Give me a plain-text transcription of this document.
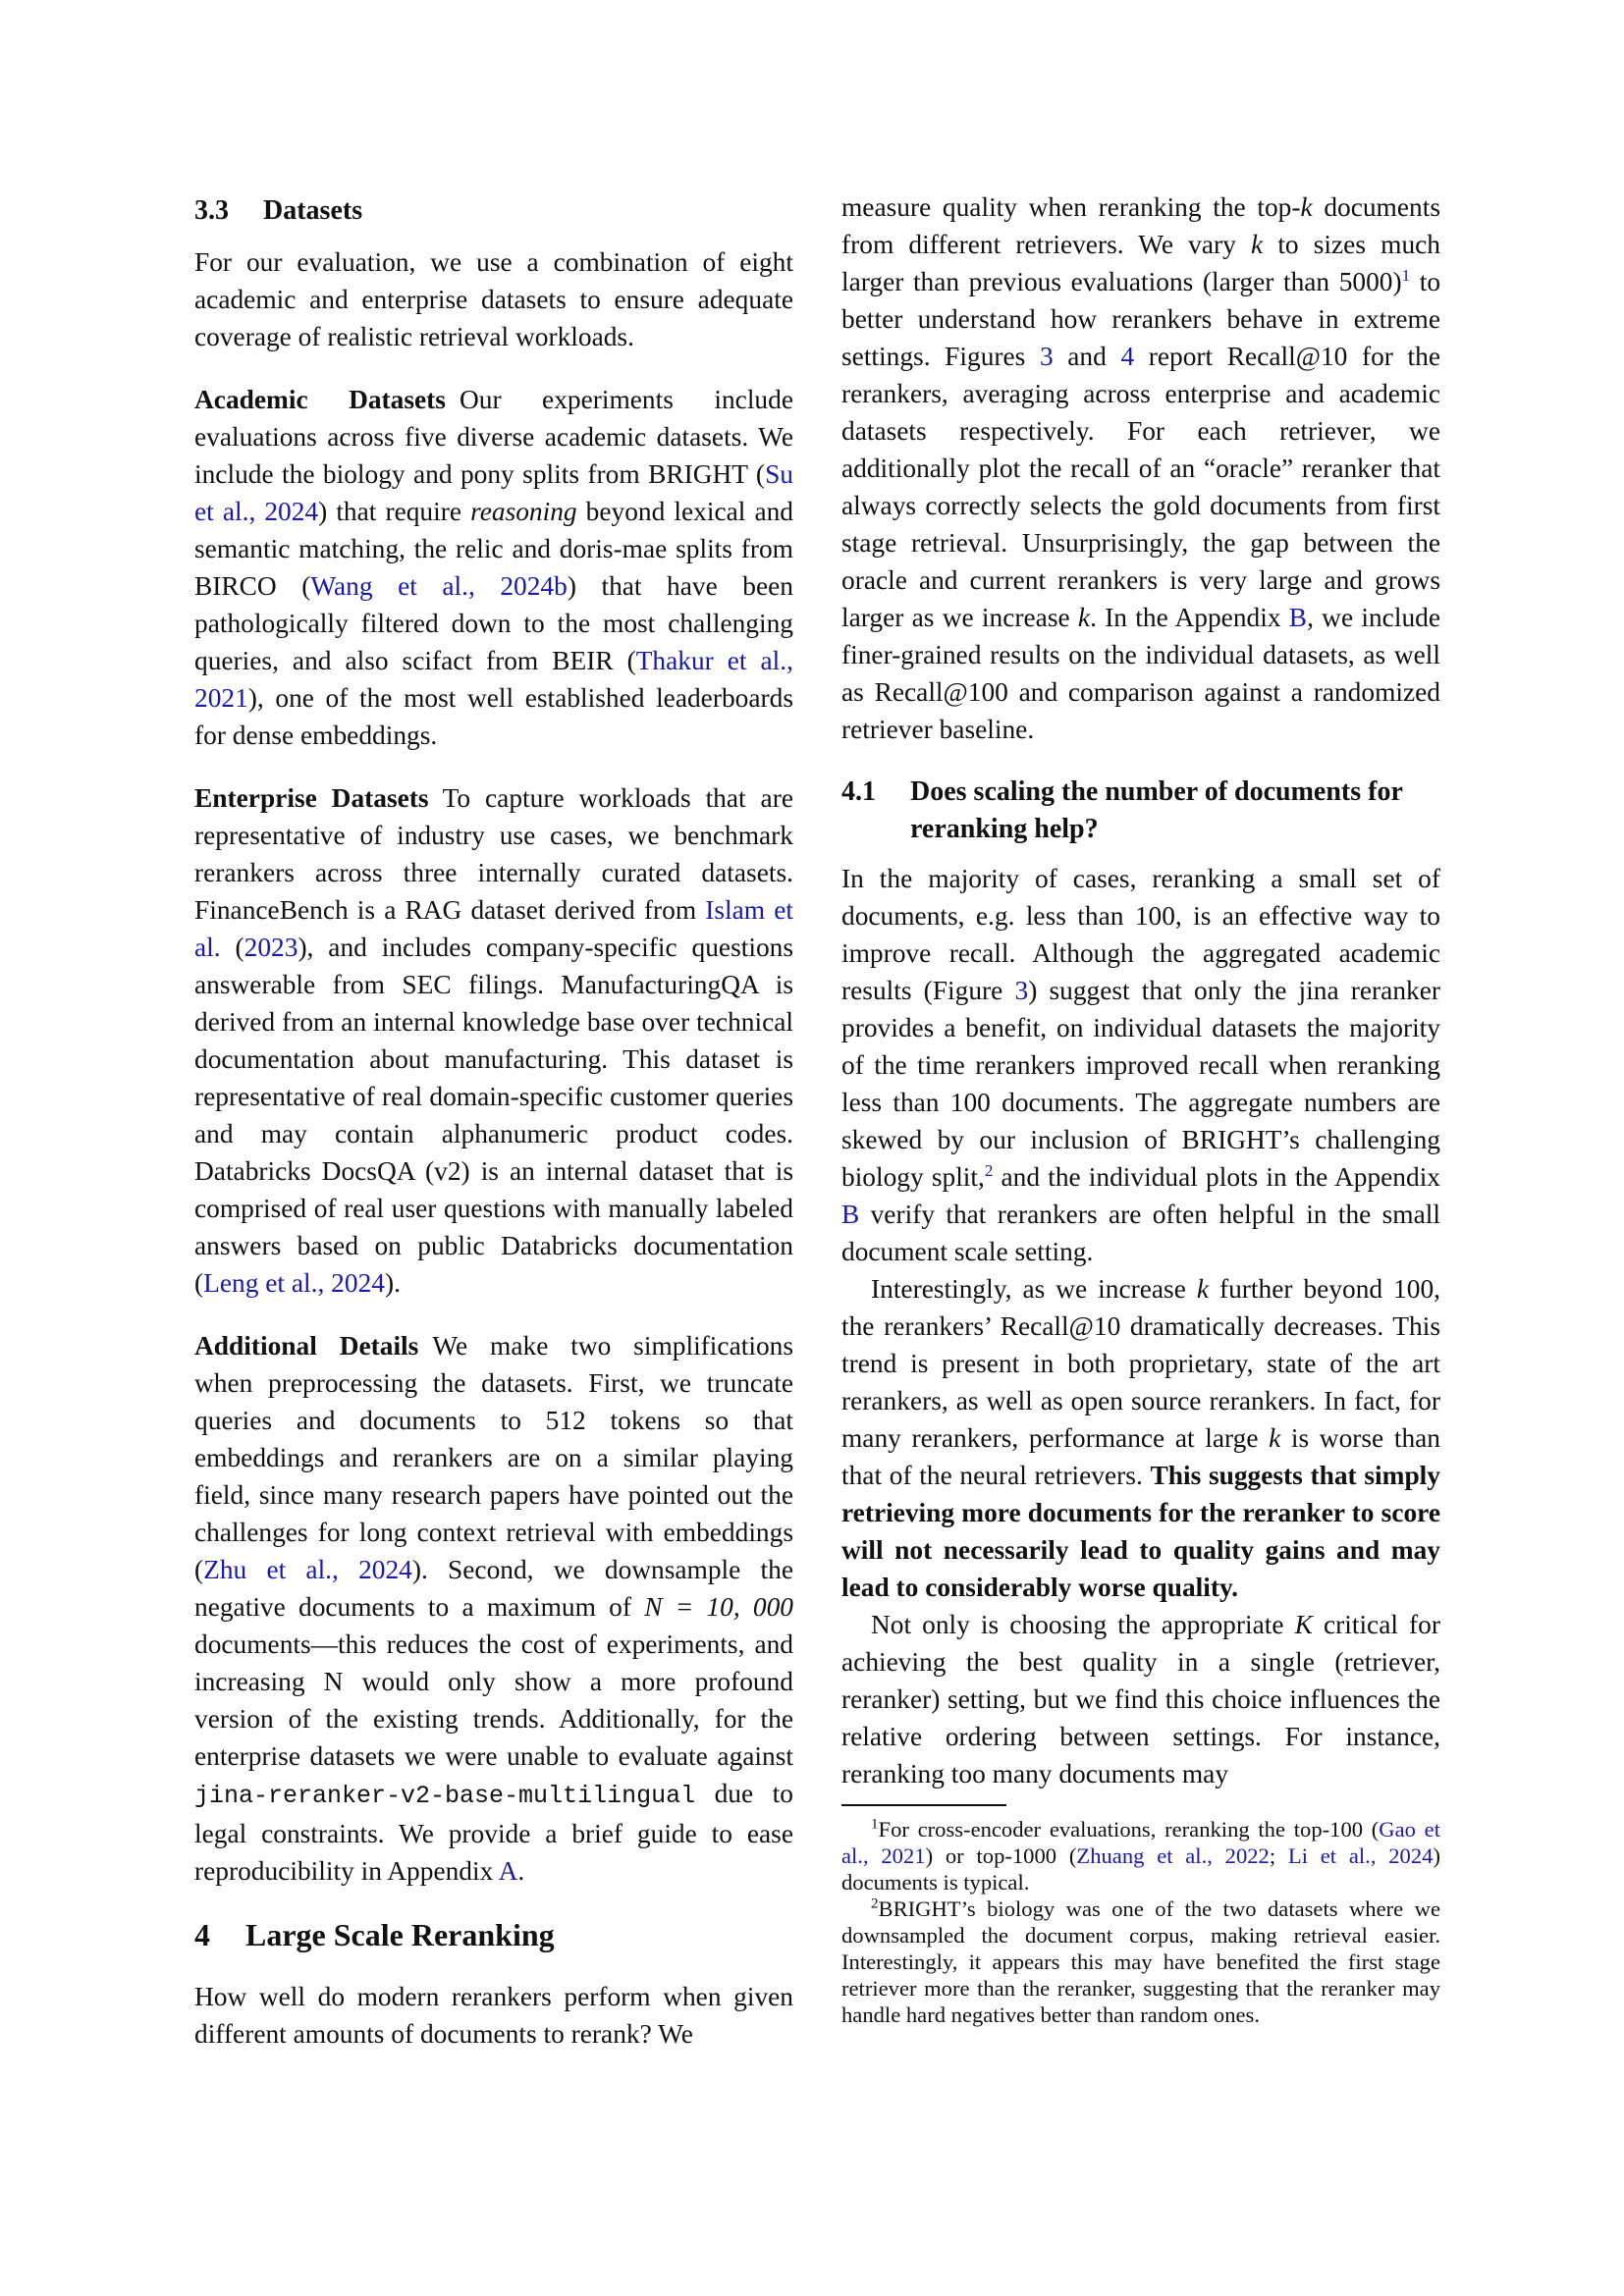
3.3 Datasets

For our evaluation, we use a combination of eight academic and enterprise datasets to ensure adequate coverage of realistic retrieval workloads.

Academic Datasets Our experiments include evaluations across five diverse academic datasets. We include the biology and pony splits from BRIGHT (Su et al., 2024) that require reasoning beyond lexical and semantic matching, the relic and doris-mae splits from BIRCO (Wang et al., 2024b) that have been pathologically filtered down to the most challenging queries, and also scifact from BEIR (Thakur et al., 2021), one of the most well established leaderboards for dense embeddings.

Enterprise Datasets To capture workloads that are representative of industry use cases, we benchmark rerankers across three internally curated datasets. FinanceBench is a RAG dataset derived from Islam et al. (2023), and includes company-specific questions answerable from SEC filings. ManufacturingQA is derived from an internal knowledge base over technical documentation about manufacturing. This dataset is representative of real domain-specific customer queries and may contain alphanumeric product codes. Databricks DocsQA (v2) is an internal dataset that is comprised of real user questions with manually labeled answers based on public Databricks documentation (Leng et al., 2024).

Additional Details We make two simplifications when preprocessing the datasets. First, we truncate queries and documents to 512 tokens so that embeddings and rerankers are on a similar playing field, since many research papers have pointed out the challenges for long context retrieval with embeddings (Zhu et al., 2024). Second, we downsample the negative documents to a maximum of N = 10, 000 documents—this reduces the cost of experiments, and increasing N would only show a more profound version of the existing trends. Additionally, for the enterprise datasets we were unable to evaluate against jina-reranker-v2-base-multilingual due to legal constraints. We provide a brief guide to ease reproducibility in Appendix A.

4 Large Scale Reranking

How well do modern rerankers perform when given different amounts of documents to rerank? We

measure quality when reranking the top-k documents from different retrievers. We vary k to sizes much larger than previous evaluations (larger than 5000)$^1$ to better understand how rerankers behave in extreme settings. Figures 3 and 4 report Recall@10 for the rerankers, averaging across enterprise and academic datasets respectively. For each retriever, we additionally plot the recall of an “oracle” reranker that always correctly selects the gold documents from first stage retrieval. Unsurprisingly, the gap between the oracle and current rerankers is very large and grows larger as we increase k. In the Appendix B, we include finer-grained results on the individual datasets, as well as Recall@100 and comparison against a randomized retriever baseline.

4.1	Does scaling the number of documents for reranking help?

In the majority of cases, reranking a small set of documents, e.g. less than 100, is an effective way to improve recall. Although the aggregated academic results (Figure 3) suggest that only the jina reranker provides a benefit, on individual datasets the majority of the time rerankers improved recall when reranking less than 100 documents. The aggregate numbers are skewed by our inclusion of BRIGHT’s challenging biology split,$^2$ and the individual plots in the Appendix B verify that rerankers are often helpful in the small document scale setting.

Interestingly, as we increase k further beyond 100, the rerankers’ Recall@10 dramatically decreases. This trend is present in both proprietary, state of the art rerankers, as well as open source rerankers. In fact, for many rerankers, performance at large k is worse than that of the neural retrievers. This suggests that simply retrieving more documents for the reranker to score will not necessarily lead to quality gains and may lead to considerably worse quality.

Not only is choosing the appropriate K critical for achieving the best quality in a single (retriever, reranker) setting, but we find this choice influences the relative ordering between settings. For instance, reranking too many documents may

$^1$For cross-encoder evaluations, reranking the top-100 (Gao et al., 2021) or top-1000 (Zhuang et al., 2022; Li et al., 2024) documents is typical.

$^2$BRIGHT’s biology was one of the two datasets where we downsampled the document corpus, making retrieval easier. Interestingly, it appears this may have benefited the first stage retriever more than the reranker, suggesting that the reranker may handle hard negatives better than random ones.
